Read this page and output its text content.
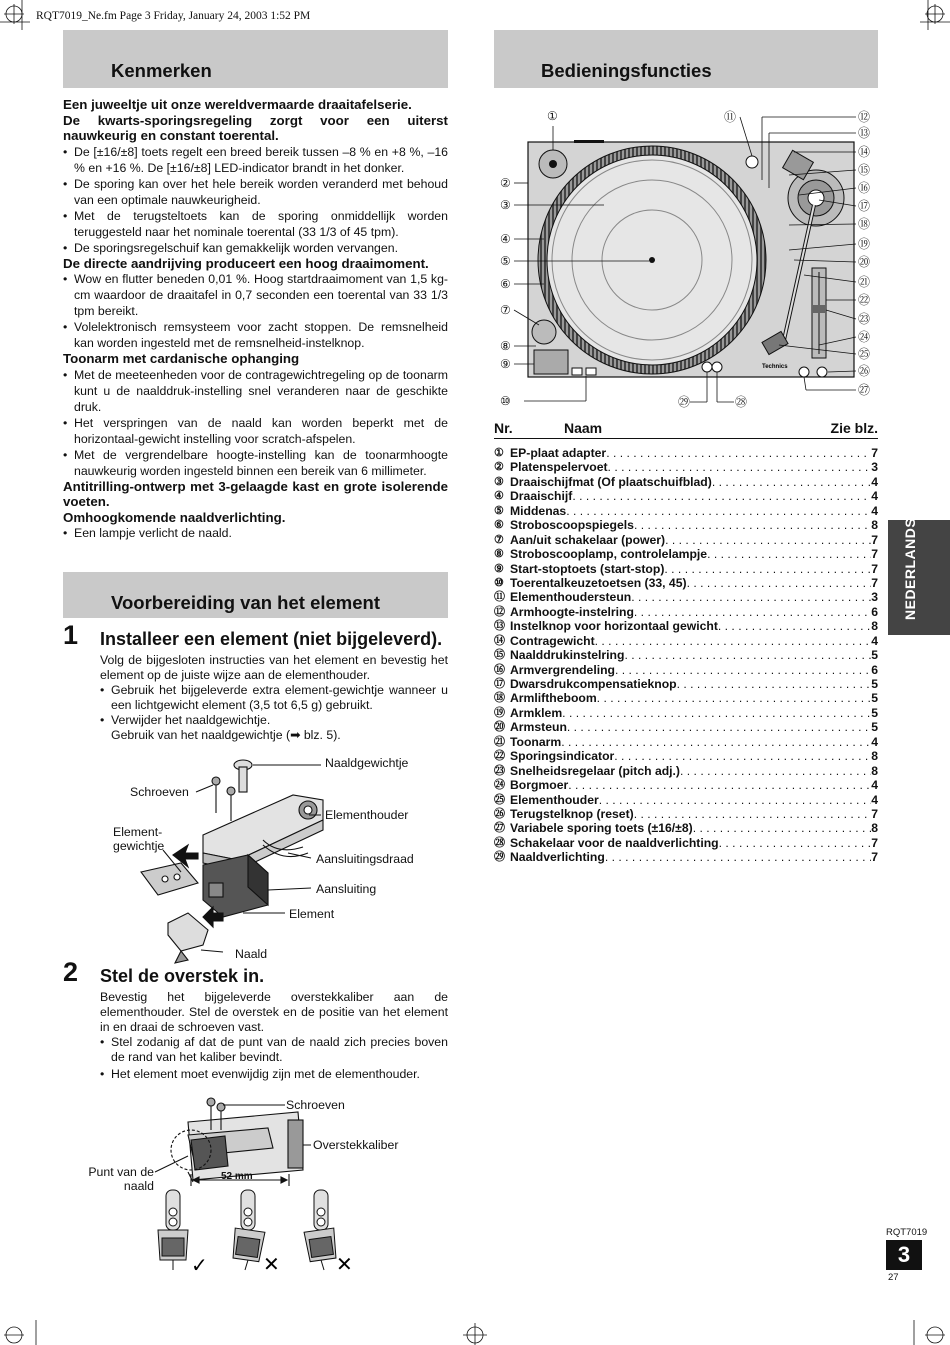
RQT7019_Ne.fm Page 3 Friday, January 24, 2003 1:52 PM
Kenmerken

Een juweeltje uit onze wereldvermaarde draaitafelserie.

De kwarts-sporingsregeling zorgt voor een uiterst nauwkeurig en constant toerental.

• De [±16/±8] toets regelt een breed bereik tussen –8 % en +8 %, –16 % en +16 %. De [±16/±8] LED-indicator brandt in het donker.

• De sporing kan over het hele bereik worden veranderd met behoud van een optimale nauwkeurigheid.

• Met de terugsteltoets kan de sporing onmiddellijk worden teruggesteld naar het nominale toerental (33 1/3 of 45 tpm).

• De sporingsregelschuif kan gemakkelijk worden vervangen.

De directe aandrijving produceert een hoog draaimoment.

• Wow en flutter beneden 0,01 %. Hoog startdraaimoment van 1,5 kg-cm waardoor de draaitafel in 0,7 seconden een toerental van 33 1/3 tpm bereikt.

• Volelektronisch remsysteem voor zacht stoppen. De remsnelheid kan worden ingesteld met de remsnelheid-instelknop.

Toonarm met cardanische ophanging

• Met de meeteenheden voor de contragewichtregeling op de toonarm kunt u de naalddruk-instelling snel veranderen naar de geschikte druk.

• Het verspringen van de naald kan worden beperkt met de horizontaal-gewicht instelling voor scratch-afspelen.

• Met de vergrendelbare hoogte-instelling kan de toonarmhoogte nauwkeurig worden ingesteld binnen een bereik van 6 millimeter.

Antitrilling-ontwerp met 3-gelaagde kast en grote isolerende voeten.

Omhoogkomende naaldverlichting.

• Een lampje verlicht de naald.

Voorbereiding van het element
1 Installeer een element (niet bijgeleverd).

Volg de bijgesloten instructies van het element en bevestig het element op de juiste wijze aan de elementhouder.

• Gebruik het bijgeleverde extra element-gewichtje wanneer u een lichtgewicht element (3,5 tot 6,5 g) gebruikt.

• Verwijder het naaldgewichtje.

Gebruik van het naaldgewichtje (➡ blz. 5).

Naaldgewichtje
Schroeven
Elementhouder
Element-
gewichtje
Aansluitingsdraad
Aansluiting
Element
Naald
2 Stel de overstek in.

Bevestig het bijgeleverde overstekkaliber aan de elementhouder. Stel de overstek en de positie van het element in en draai de schroeven vast.

• Stel zodanig af dat de punt van de naald zich precies boven de rand van het kaliber bevindt.

• Het element moet evenwijdig zijn met de elementhouder.

✓	✕	✕
Schroeven
Overstekkaliber
Punt van de
naald
52 mm
Bedieningsfuncties
Technics
①
②
③
④
⑤
⑥
⑦
⑧
⑨
⑩
⑪	⑫
⑬
⑭
⑮
⑯
⑰
⑱
⑲
⑳
㉑
㉒
㉓
㉔
㉕
㉖
㉗
㉘
㉙
Nr.	Naam	Zie blz.
① EP-plaat adapter . . .	7
② Platenspelervoet . . .	3
③ Draaischijfmat (Of plaatschuifblad) . . .	4
④ Draaischijf . . .	4
⑤ Middenas . . .	4
⑥ Stroboscoopspiegels . . .	8
⑦ Aan/uit schakelaar (power) . . .	7
⑧ Stroboscooplamp, controlelampje . . .	7
⑨ Start-stoptoets (start-stop) . . .	7
⑩ Toerentalkeuzetoetsen (33, 45) . . .	7
⑪ Elementhoudersteun . . .	3
⑫ Armhoogte-instelring . . .	6
⑬ Instelknop voor horizontaal gewicht . . .	8
⑭ Contragewicht . . .	4
⑮ Naalddrukinstelring . . .	5
⑯ Armvergrendeling . . .	6
⑰ Dwarsdrukcompensatieknop . . .	5
⑱ Armliftheboom . . .	5
⑲ Armklem . . .	5
⑳ Armsteun . . .	5
㉑ Toonarm . . .	4
㉒ Sporingsindicator . . .	8
㉓ Snelheidsregelaar (pitch adj.) . . .	8
㉔ Borgmoer . . .	4
㉕ Elementhouder . . .	4
㉖ Terugstelknop (reset) . . .	7
㉗ Variabele sporing toets (±16/±8) . . .	8
㉘ Schakelaar voor de naaldverlichting . . .	7
㉙ Naaldverlichting . . .	7
NEDERLANDS
RQT7019
3
27
